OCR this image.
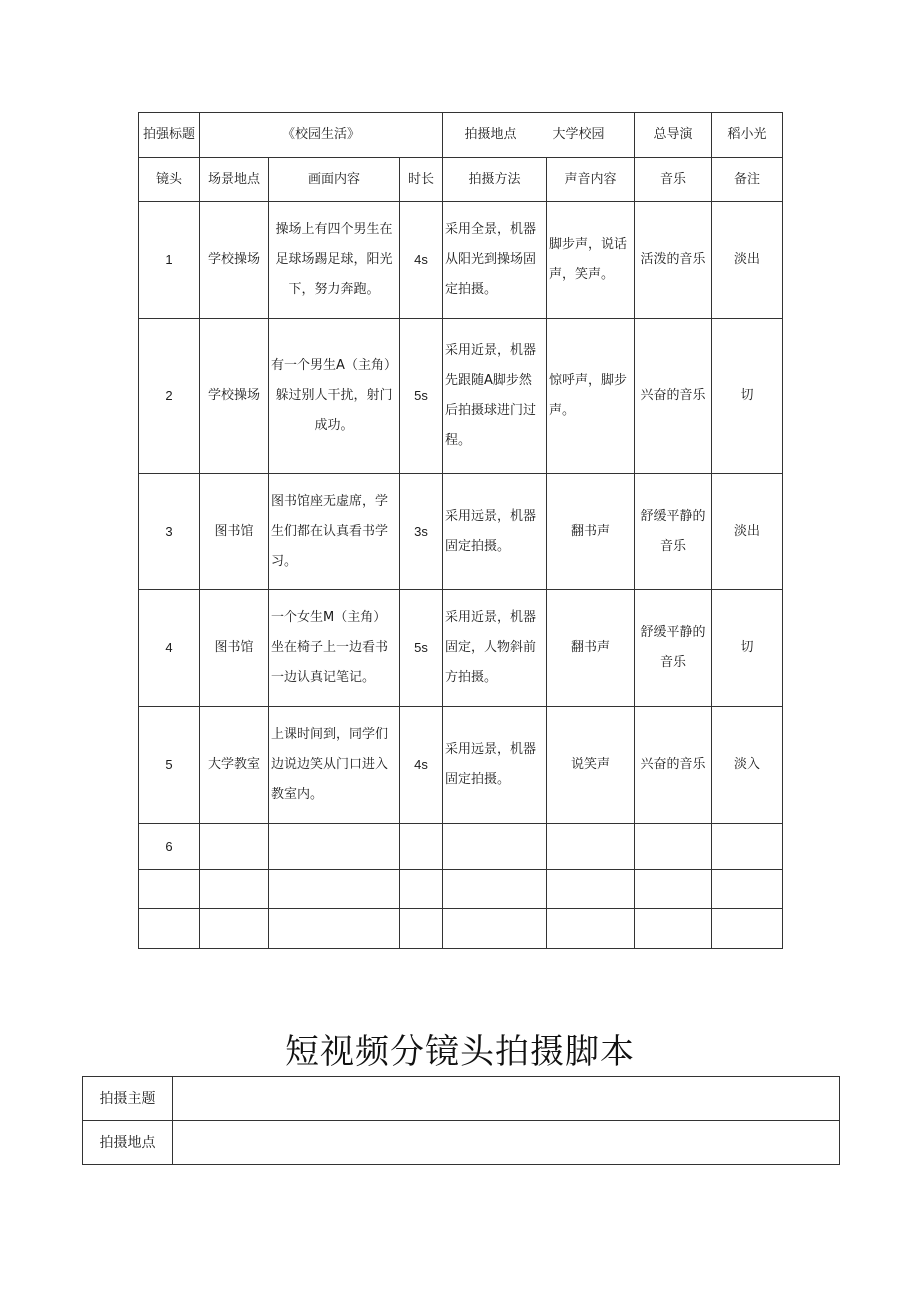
拍强标题	《校园生活》			拍摄地点 大学校园		总导演	稻小光
镜头	场景地点	画面内容	时长	拍摄方法	声音内容	音乐	备注
1	学校操场	操场上有四个男生在足球场踢足球，阳光下，努力奔跑。	4s	采用全景，机器从阳光到操场固定拍摄。	脚步声，说话声，笑声。	活泼的音乐	淡出
2	学校操场	有一个男生A（主角）躲过别人干扰，射门 成功。	5s	采用近景，机器先跟随A脚步然后拍摄球进门过程。	惊呼声，脚步声。	兴奋的音乐	切
3	图书馆	图书馆座无虚席，学生们都在认真看书学习。	3s	采用远景，机器固定拍摄。	翻书声	舒缓平静的音乐	淡出
4	图书馆	一个女生M（主角）坐在椅子上一边看书一边认真记笔记。	5s	采用近景，机器固定，人物斜前方拍摄。	翻书声	舒缓平静的音乐	切
5	大学教室	上课时间到，同学们边说边笑从门口进入教室内。	4s	采用远景，机器固定拍摄。	说笑声	兴奋的音乐	淡入
6							

短视频分镜头拍摄脚本
拍摄主题	
拍摄地点	
